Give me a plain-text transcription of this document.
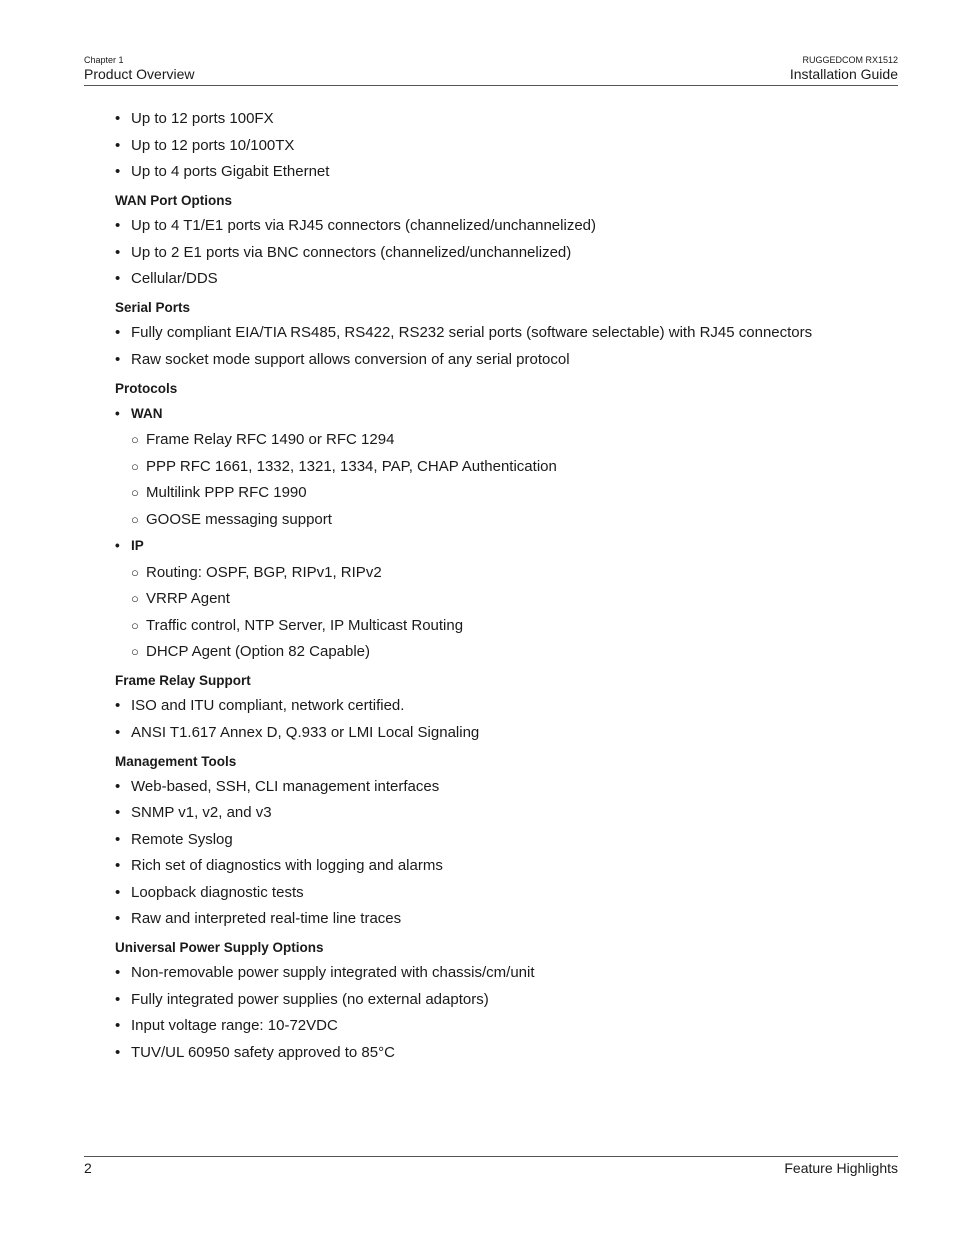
Chapter 1
Product Overview
RUGGEDCOM RX1512
Installation Guide
• Up to 12 ports 100FX
• Up to 12 ports 10/100TX
• Up to 4 ports Gigabit Ethernet
WAN Port Options
• Up to 4 T1/E1 ports via RJ45 connectors (channelized/unchannelized)
• Up to 2 E1 ports via BNC connectors (channelized/unchannelized)
• Cellular/DDS
Serial Ports
• Fully compliant EIA/TIA RS485, RS422, RS232 serial ports (software selectable) with RJ45 connectors
• Raw socket mode support allows conversion of any serial protocol
Protocols
• WAN
○ Frame Relay RFC 1490 or RFC 1294
○ PPP RFC 1661, 1332, 1321, 1334, PAP, CHAP Authentication
○ Multilink PPP RFC 1990
○ GOOSE messaging support
• IP
○ Routing: OSPF, BGP, RIPv1, RIPv2
○ VRRP Agent
○ Traffic control, NTP Server, IP Multicast Routing
○ DHCP Agent (Option 82 Capable)
Frame Relay Support
• ISO and ITU compliant, network certified.
• ANSI T1.617 Annex D, Q.933 or LMI Local Signaling
Management Tools
• Web-based, SSH, CLI management interfaces
• SNMP v1, v2, and v3
• Remote Syslog
• Rich set of diagnostics with logging and alarms
• Loopback diagnostic tests
• Raw and interpreted real-time line traces
Universal Power Supply Options
• Non-removable power supply integrated with chassis/cm/unit
• Fully integrated power supplies (no external adaptors)
• Input voltage range: 10-72VDC
• TUV/UL 60950 safety approved to 85°C
2	Feature Highlights
